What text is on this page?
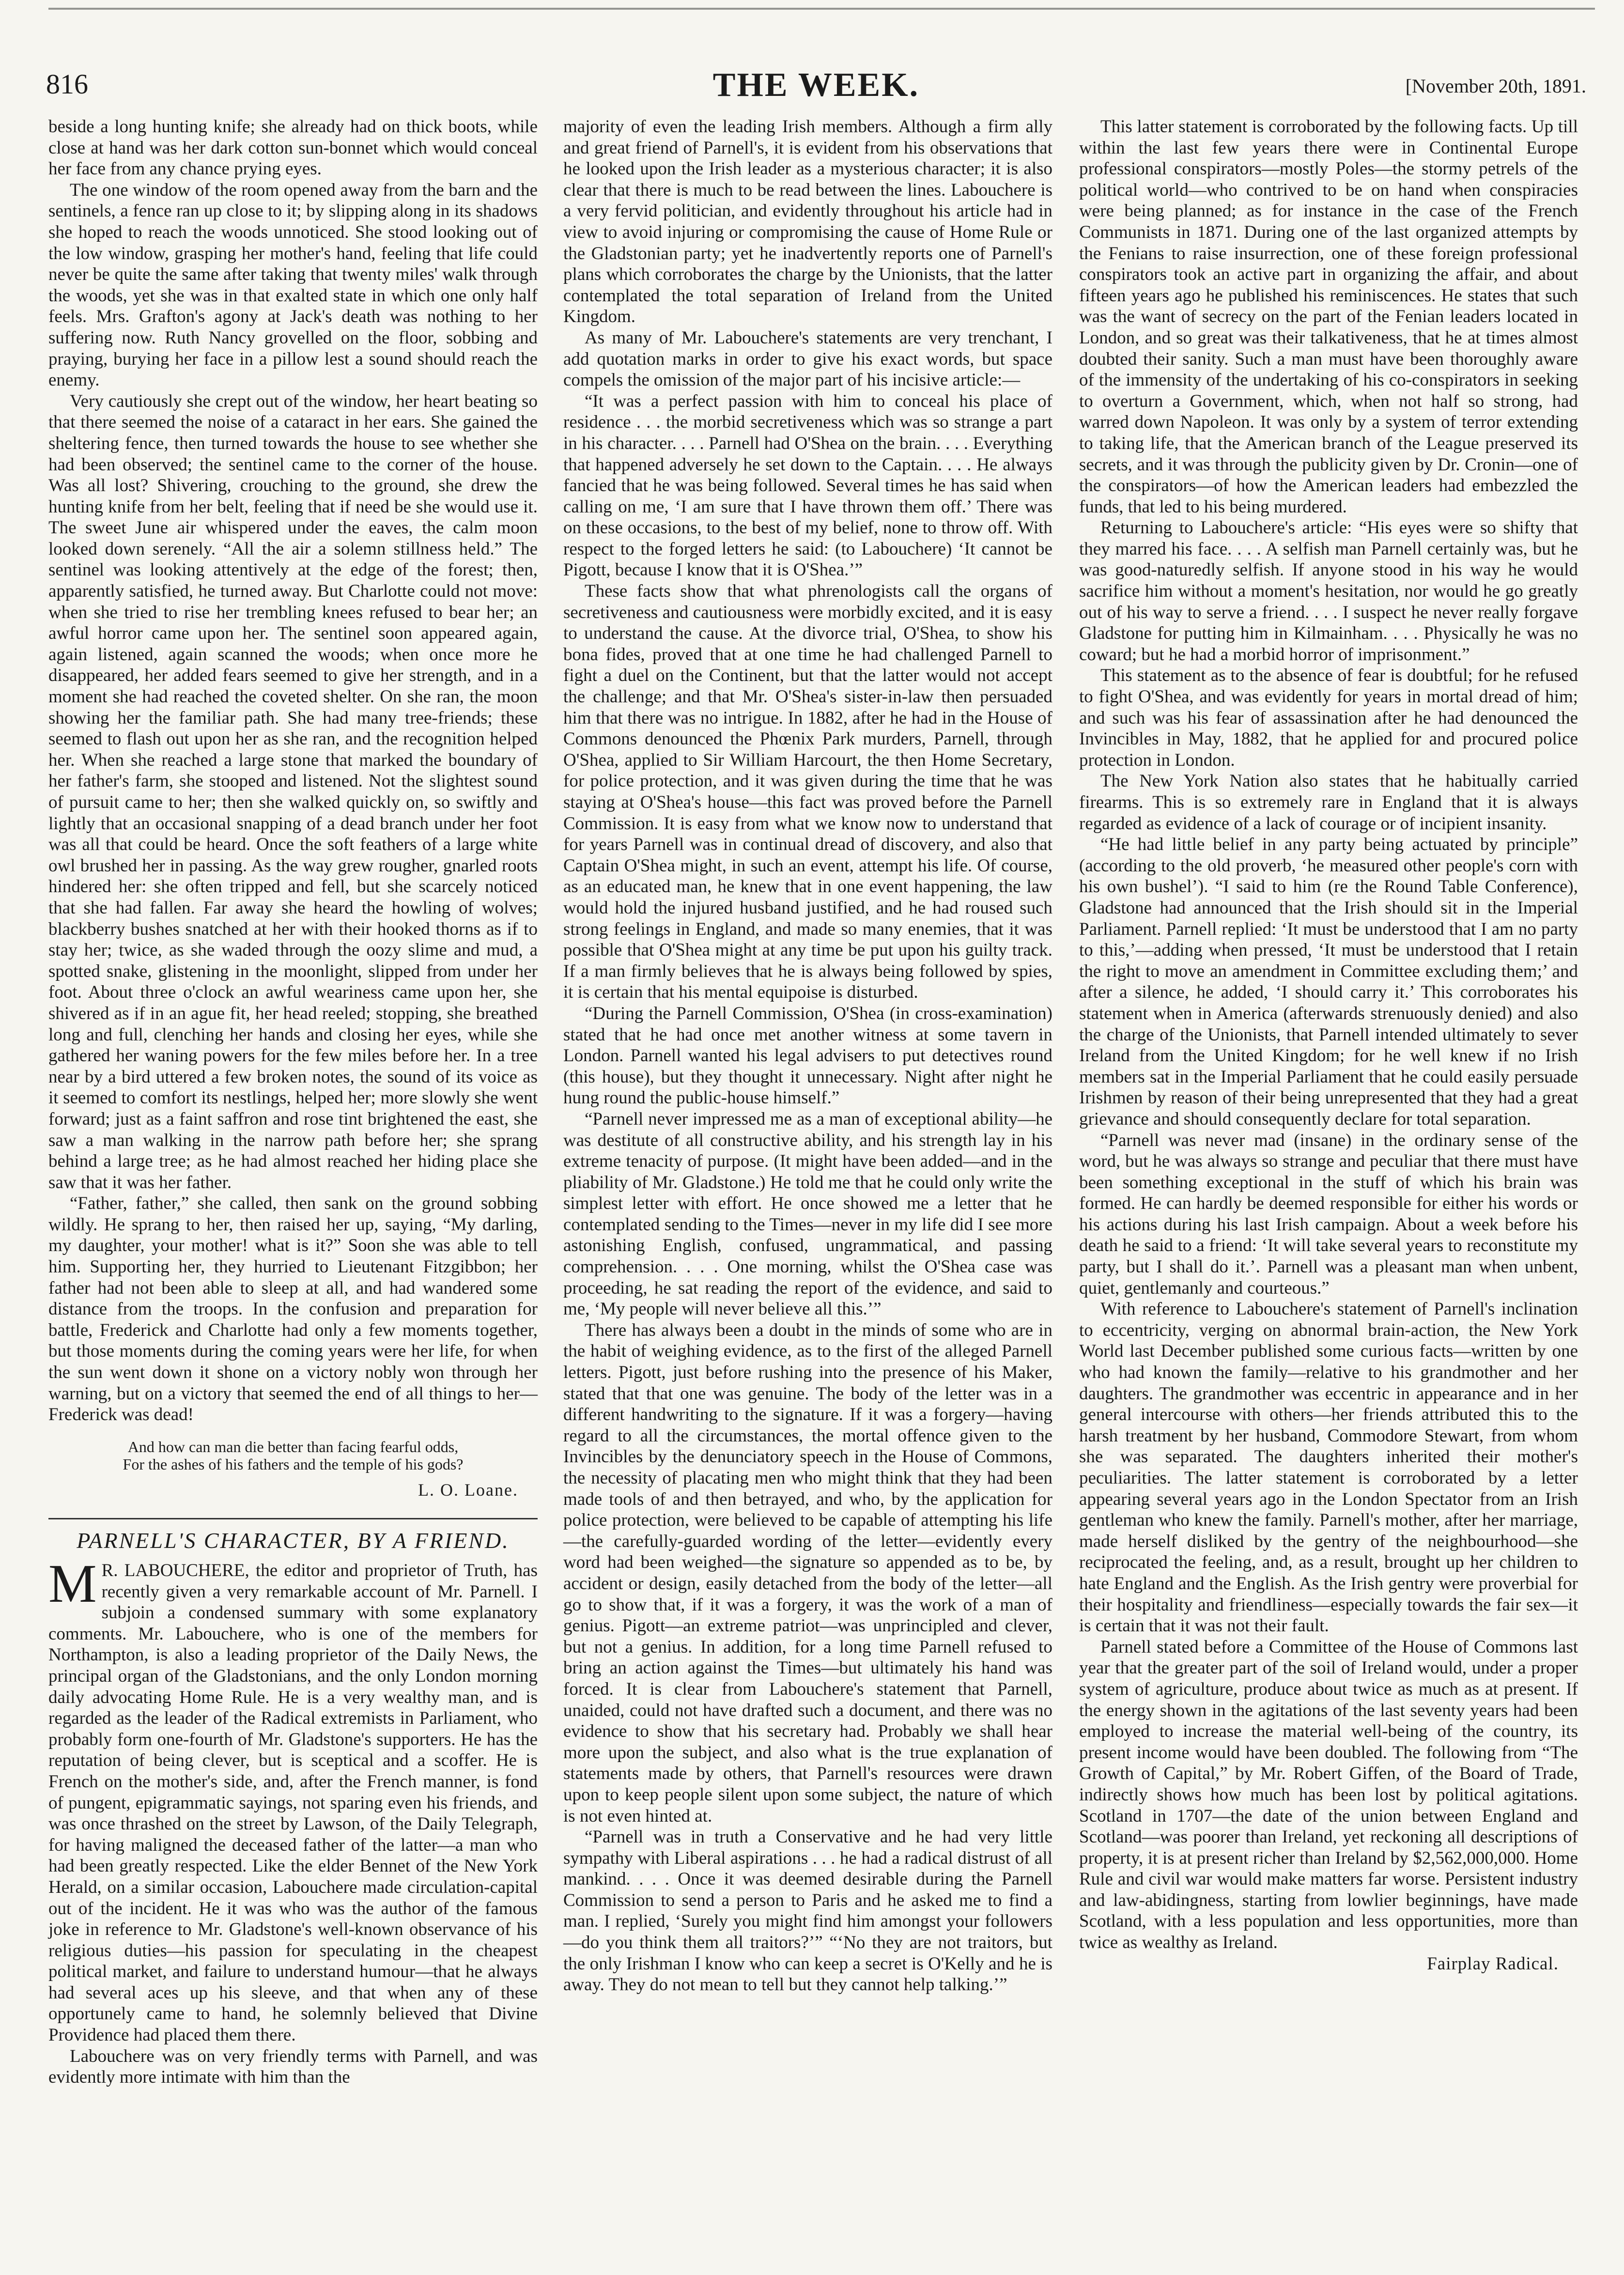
816	THE WEEK.	[November 20th, 1891.

beside a long hunting knife; she already had on thick boots, while close at hand was her dark cotton sun-bonnet which would conceal her face from any chance prying eyes.

The one window of the room opened away from the barn and the sentinels, a fence ran up close to it; by slipping along in its shadows she hoped to reach the woods unnoticed. She stood looking out of the low window, grasping her mother's hand, feeling that life could never be quite the same after taking that twenty miles' walk through the woods, yet she was in that exalted state in which one only half feels. Mrs. Grafton's agony at Jack's death was nothing to her suffering now. Ruth Nancy grovelled on the floor, sobbing and praying, burying her face in a pillow lest a sound should reach the enemy.

Very cautiously she crept out of the window, her heart beating so that there seemed the noise of a cataract in her ears. She gained the sheltering fence, then turned towards the house to see whether she had been observed; the sentinel came to the corner of the house. Was all lost? Shivering, crouching to the ground, she drew the hunting knife from her belt, feeling that if need be she would use it. The sweet June air whispered under the eaves, the calm moon looked down serenely. “All the air a solemn stillness held.” The sentinel was looking attentively at the edge of the forest; then, apparently satisfied, he turned away. But Charlotte could not move: when she tried to rise her trembling knees refused to bear her; an awful horror came upon her. The sentinel soon appeared again, again listened, again scanned the woods; when once more he disappeared, her added fears seemed to give her strength, and in a moment she had reached the coveted shelter. On she ran, the moon showing her the familiar path. She had many tree-friends; these seemed to flash out upon her as she ran, and the recognition helped her. When she reached a large stone that marked the boundary of her father's farm, she stooped and listened. Not the slightest sound of pursuit came to her; then she walked quickly on, so swiftly and lightly that an occasional snapping of a dead branch under her foot was all that could be heard. Once the soft feathers of a large white owl brushed her in passing. As the way grew rougher, gnarled roots hindered her: she often tripped and fell, but she scarcely noticed that she had fallen. Far away she heard the howling of wolves; blackberry bushes snatched at her with their hooked thorns as if to stay her; twice, as she waded through the oozy slime and mud, a spotted snake, glistening in the moonlight, slipped from under her foot. About three o'clock an awful weariness came upon her, she shivered as if in an ague fit, her head reeled; stopping, she breathed long and full, clenching her hands and closing her eyes, while she gathered her waning powers for the few miles before her. In a tree near by a bird uttered a few broken notes, the sound of its voice as it seemed to comfort its nestlings, helped her; more slowly she went forward; just as a faint saffron and rose tint brightened the east, she saw a man walking in the narrow path before her; she sprang behind a large tree; as he had almost reached her hiding place she saw that it was her father.

“Father, father,” she called, then sank on the ground sobbing wildly. He sprang to her, then raised her up, saying, “My darling, my daughter, your mother! what is it?” Soon she was able to tell him. Supporting her, they hurried to Lieutenant Fitzgibbon; her father had not been able to sleep at all, and had wandered some distance from the troops. In the confusion and preparation for battle, Frederick and Charlotte had only a few moments together, but those moments during the coming years were her life, for when the sun went down it shone on a victory nobly won through her warning, but on a victory that seemed the end of all things to her—Frederick was dead!

And how can man die better than facing fearful odds,
For the ashes of his fathers and the temple of his gods?
L. O. Loane.
PARNELL'S CHARACTER, BY A FRIEND.

M R. LABOUCHERE, the editor and proprietor of Truth, has recently given a very remarkable account of Mr. Parnell. I subjoin a condensed summary with some explanatory comments. Mr. Labouchere, who is one of the members for Northampton, is also a leading proprietor of the Daily News, the principal organ of the Gladstonians, and the only London morning daily advocating Home Rule. He is a very wealthy man, and is regarded as the leader of the Radical extremists in Parliament, who probably form one-fourth of Mr. Gladstone's supporters. He has the reputation of being clever, but is sceptical and a scoffer. He is French on the mother's side, and, after the French manner, is fond of pungent, epigrammatic sayings, not sparing even his friends, and was once thrashed on the street by Lawson, of the Daily Telegraph, for having maligned the deceased father of the latter—a man who had been greatly respected. Like the elder Bennet of the New York Herald, on a similar occasion, Labouchere made circulation-capital out of the incident. He it was who was the author of the famous joke in reference to Mr. Gladstone's well-known observance of his religious duties—his passion for speculating in the cheapest political market, and failure to understand humour—that he always had several aces up his sleeve, and that when any of these opportunely came to hand, he solemnly believed that Divine Providence had placed them there.

Labouchere was on very friendly terms with Parnell, and was evidently more intimate with him than the

majority of even the leading Irish members. Although a firm ally and great friend of Parnell's, it is evident from his observations that he looked upon the Irish leader as a mysterious character; it is also clear that there is much to be read between the lines. Labouchere is a very fervid politician, and evidently throughout his article had in view to avoid injuring or compromising the cause of Home Rule or the Gladstonian party; yet he inadvertently reports one of Parnell's plans which corroborates the charge by the Unionists, that the latter contemplated the total separation of Ireland from the United Kingdom.

As many of Mr. Labouchere's statements are very trenchant, I add quotation marks in order to give his exact words, but space compels the omission of the major part of his incisive article:—

“It was a perfect passion with him to conceal his place of residence . . . the morbid secretiveness which was so strange a part in his character. . . . Parnell had O'Shea on the brain. . . . Everything that happened adversely he set down to the Captain. . . . He always fancied that he was being followed. Several times he has said when calling on me, ‘I am sure that I have thrown them off.’ There was on these occasions, to the best of my belief, none to throw off. With respect to the forged letters he said: (to Labouchere) ‘It cannot be Pigott, because I know that it is O'Shea.’”

These facts show that what phrenologists call the organs of secretiveness and cautiousness were morbidly excited, and it is easy to understand the cause. At the divorce trial, O'Shea, to show his bona fides, proved that at one time he had challenged Parnell to fight a duel on the Continent, but that the latter would not accept the challenge; and that Mr. O'Shea's sister-in-law then persuaded him that there was no intrigue. In 1882, after he had in the House of Commons denounced the Phœnix Park murders, Parnell, through O'Shea, applied to Sir William Harcourt, the then Home Secretary, for police protection, and it was given during the time that he was staying at O'Shea's house—this fact was proved before the Parnell Commission. It is easy from what we know now to understand that for years Parnell was in continual dread of discovery, and also that Captain O'Shea might, in such an event, attempt his life. Of course, as an educated man, he knew that in one event happening, the law would hold the injured husband justified, and he had roused such strong feelings in England, and made so many enemies, that it was possible that O'Shea might at any time be put upon his guilty track. If a man firmly believes that he is always being followed by spies, it is certain that his mental equipoise is disturbed.

“During the Parnell Commission, O'Shea (in cross-examination) stated that he had once met another witness at some tavern in London. Parnell wanted his legal advisers to put detectives round (this house), but they thought it unnecessary. Night after night he hung round the public-house himself.”

“Parnell never impressed me as a man of exceptional ability—he was destitute of all constructive ability, and his strength lay in his extreme tenacity of purpose. (It might have been added—and in the pliability of Mr. Gladstone.) He told me that he could only write the simplest letter with effort. He once showed me a letter that he contemplated sending to the Times—never in my life did I see more astonishing English, confused, ungrammatical, and passing comprehension. . . . One morning, whilst the O'Shea case was proceeding, he sat reading the report of the evidence, and said to me, ‘My people will never believe all this.’”

There has always been a doubt in the minds of some who are in the habit of weighing evidence, as to the first of the alleged Parnell letters. Pigott, just before rushing into the presence of his Maker, stated that that one was genuine. The body of the letter was in a different handwriting to the signature. If it was a forgery—having regard to all the circumstances, the mortal offence given to the Invincibles by the denunciatory speech in the House of Commons, the necessity of placating men who might think that they had been made tools of and then betrayed, and who, by the application for police protection, were believed to be capable of attempting his life—the carefully-guarded wording of the letter—evidently every word had been weighed—the signature so appended as to be, by accident or design, easily detached from the body of the letter—all go to show that, if it was a forgery, it was the work of a man of genius. Pigott—an extreme patriot—was unprincipled and clever, but not a genius. In addition, for a long time Parnell refused to bring an action against the Times—but ultimately his hand was forced. It is clear from Labouchere's statement that Parnell, unaided, could not have drafted such a document, and there was no evidence to show that his secretary had. Probably we shall hear more upon the subject, and also what is the true explanation of statements made by others, that Parnell's resources were drawn upon to keep people silent upon some subject, the nature of which is not even hinted at.

“Parnell was in truth a Conservative and he had very little sympathy with Liberal aspirations . . . he had a radical distrust of all mankind. . . . Once it was deemed desirable during the Parnell Commission to send a person to Paris and he asked me to find a man. I replied, ‘Surely you might find him amongst your followers—do you think them all traitors?’” “‘No they are not traitors, but the only Irishman I know who can keep a secret is O'Kelly and he is away. They do not mean to tell but they cannot help talking.’”

This latter statement is corroborated by the following facts. Up till within the last few years there were in Continental Europe professional conspirators—mostly Poles—the stormy petrels of the political world—who contrived to be on hand when conspiracies were being planned; as for instance in the case of the French Communists in 1871. During one of the last organized attempts by the Fenians to raise insurrection, one of these foreign professional conspirators took an active part in organizing the affair, and about fifteen years ago he published his reminiscences. He states that such was the want of secrecy on the part of the Fenian leaders located in London, and so great was their talkativeness, that he at times almost doubted their sanity. Such a man must have been thoroughly aware of the immensity of the undertaking of his co-conspirators in seeking to overturn a Government, which, when not half so strong, had warred down Napoleon. It was only by a system of terror extending to taking life, that the American branch of the League preserved its secrets, and it was through the publicity given by Dr. Cronin—one of the conspirators—of how the American leaders had embezzled the funds, that led to his being murdered.

Returning to Labouchere's article: “His eyes were so shifty that they marred his face. . . . A selfish man Parnell certainly was, but he was good-naturedly selfish. If anyone stood in his way he would sacrifice him without a moment's hesitation, nor would he go greatly out of his way to serve a friend. . . . I suspect he never really forgave Gladstone for putting him in Kilmainham. . . . Physically he was no coward; but he had a morbid horror of imprisonment.”

This statement as to the absence of fear is doubtful; for he refused to fight O'Shea, and was evidently for years in mortal dread of him; and such was his fear of assassination after he had denounced the Invincibles in May, 1882, that he applied for and procured police protection in London.

The New York Nation also states that he habitually carried firearms. This is so extremely rare in England that it is always regarded as evidence of a lack of courage or of incipient insanity.

“He had little belief in any party being actuated by principle” (according to the old proverb, ‘he measured other people's corn with his own bushel’). “I said to him (re the Round Table Conference), Gladstone had announced that the Irish should sit in the Imperial Parliament. Parnell replied: ‘It must be understood that I am no party to this,’—adding when pressed, ‘It must be understood that I retain the right to move an amendment in Committee excluding them;’ and after a silence, he added, ‘I should carry it.’ This corroborates his statement when in America (afterwards strenuously denied) and also the charge of the Unionists, that Parnell intended ultimately to sever Ireland from the United Kingdom; for he well knew if no Irish members sat in the Imperial Parliament that he could easily persuade Irishmen by reason of their being unrepresented that they had a great grievance and should consequently declare for total separation.

“Parnell was never mad (insane) in the ordinary sense of the word, but he was always so strange and peculiar that there must have been something exceptional in the stuff of which his brain was formed. He can hardly be deemed responsible for either his words or his actions during his last Irish campaign. About a week before his death he said to a friend: ‘It will take several years to reconstitute my party, but I shall do it.’. Parnell was a pleasant man when unbent, quiet, gentlemanly and courteous.”

With reference to Labouchere's statement of Parnell's inclination to eccentricity, verging on abnormal brain-action, the New York World last December published some curious facts—written by one who had known the family—relative to his grandmother and her daughters. The grandmother was eccentric in appearance and in her general intercourse with others—her friends attributed this to the harsh treatment by her husband, Commodore Stewart, from whom she was separated. The daughters inherited their mother's peculiarities. The latter statement is corroborated by a letter appearing several years ago in the London Spectator from an Irish gentleman who knew the family. Parnell's mother, after her marriage, made herself disliked by the gentry of the neighbourhood—she reciprocated the feeling, and, as a result, brought up her children to hate England and the English. As the Irish gentry were proverbial for their hospitality and friendliness—especially towards the fair sex—it is certain that it was not their fault.

Parnell stated before a Committee of the House of Commons last year that the greater part of the soil of Ireland would, under a proper system of agriculture, produce about twice as much as at present. If the energy shown in the agitations of the last seventy years had been employed to increase the material well-being of the country, its present income would have been doubled. The following from “The Growth of Capital,” by Mr. Robert Giffen, of the Board of Trade, indirectly shows how much has been lost by political agitations. Scotland in 1707—the date of the union between England and Scotland—was poorer than Ireland, yet reckoning all descriptions of property, it is at present richer than Ireland by $2,562,000,000. Home Rule and civil war would make matters far worse. Persistent industry and law-abidingness, starting from lowlier beginnings, have made Scotland, with a less population and less opportunities, more than twice as wealthy as Ireland.

Fairplay Radical.
